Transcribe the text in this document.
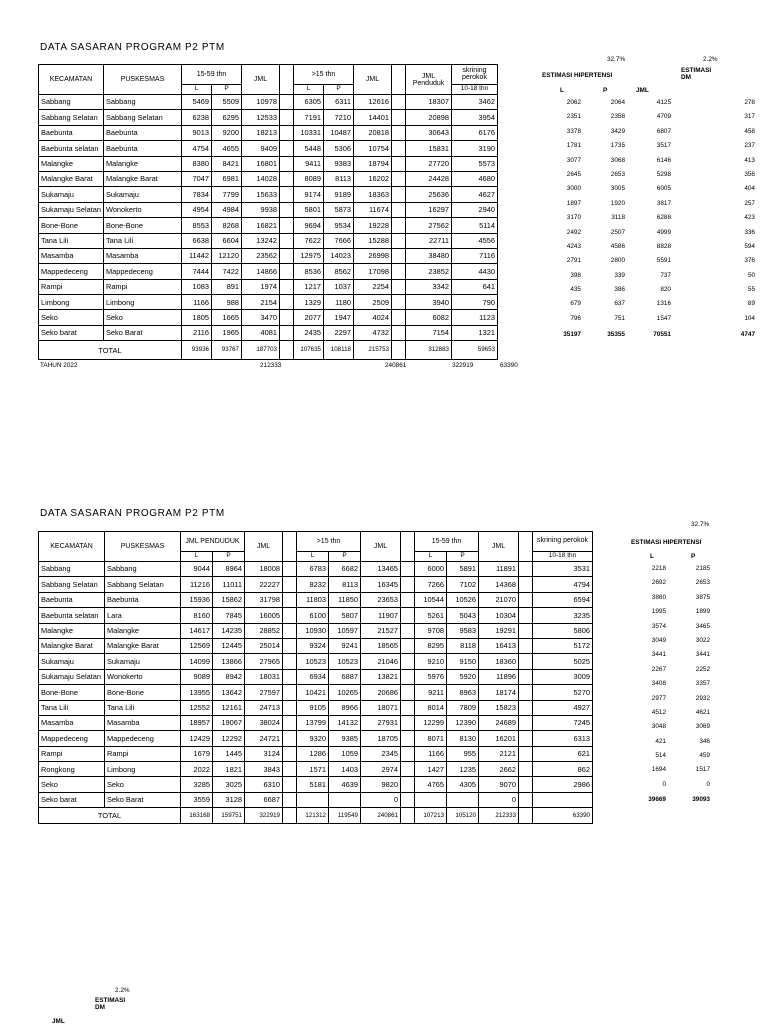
DATA SASARAN PROGRAM P2 PTM
KECAMATAN	PUSKESMAS	15-59 thn		JML		>15 thn		JML		JML Penduduk	skrining perokok
		L	P			L	P				10-18 thn
Sabbang	Sabbang	5469	5509	10978		6305	6311	12616		18307	3462
Sabbang Selatan	Sabbang Selatan	6238	6295	12533		7191	7210	14401		20898	3954
Baebunta	Baebunta	9013	9200	18213		10331	10487	20818		30643	6176
Baebunta selatan	Baebunta	4754	4655	9409		5448	5306	10754		15831	3190
Malangke	Malangke	8380	8421	16801		9411	9383	18794		27720	5573
Malangke Barat	Malangke Barat	7047	6981	14028		8089	8113	16202		24428	4680
Sukamaju	Sukamaju	7834	7799	15633		9174	9189	18363		25636	4627
Sukamaju Selatan	Wonokerto	4954	4984	9938		5801	5873	11674		16297	2940
Bone-Bone	Bone-Bone	8553	8268	16821		9694	9534	19228		27562	5114
Tana Lili	Tana Lili	6638	6604	13242		7622	7666	15288		22711	4556
Masamba	Masamba	11442	12120	23562		12975	14023	26998		38480	7116
Mappedeceng	Mappedeceng	7444	7422	14866		8536	8562	17098		23852	4430
Rampi	Rampi	1083	891	1974		1217	1037	2254		3342	641
Limbong	Limbong	1166	988	2154		1329	1180	2509		3940	790
Seko	Seko	1805	1665	3470		2077	1947	4024		6082	1123
Seko barat	Seko Barat	2116	1965	4081		2435	2297	4732		7154	1321
TOTAL		93936	93767	187703		107635	108118	215753		312883	59653
32.7%	2.2%
ESTIMASI HIPERTENSI
ESTIMASI DM
L	P	JML
2062	2064	4125	278
2351	2358	4709	317
3378	3429	6807	458
1781	1735	3517	237
3077	3068	6146	413
2645	2653	5298	356
3000	3005	6005	404
1897	1920	3817	257
3170	3118	6288	423
2492	2507	4999	336
4243	4586	8828	594
2791	2800	5591	376
398	339	737	50
435	386	820	55
679	637	1316	89
796	751	1547	104
35197	35355	70551	4747
TAHUN 2022	212333	240861	322919	63390
DATA SASARAN PROGRAM P2 PTM
32.7%
KECAMATAN	PUSKESMAS	JML PENDUDUK		JML		>15 thn		JML		15-59 thn		JML		skrining perokok
		L	P			L	P			L	P			10-18 thn
Sabbang	Sabbang	9044	8964	18008		6783	6682	13465		6000	5891	11891		3531
Sabbang Selatan	Sabbang Selatan	11216	11011	22227		8232	8113	16345		7266	7102	14368		4794
Baebunta	Baebunta	15936	15862	31798		11803	11850	23653		10544	10526	21070		6594
Baebunta selatan	Lara	8160	7845	16005		6100	5807	11907		5261	5043	10304		3235
Malangke	Malangke	14617	14235	28852		10930	10597	21527		9708	9583	19291		5806
Malangke Barat	Malangke Barat	12569	12445	25014		9324	9241	18565		8295	8118	16413		5172
Sukamaju	Sukamaju	14099	13866	27965		10523	10523	21046		9210	9150	18360		5025
Sukamaju Selatan	Wonokerto	9089	8942	18031		6934	6887	13821		5976	5920	11896		3009
Bone-Bone	Bone-Bone	13955	13642	27597		10421	10265	20686		9211	8963	18174		5270
Tana Lili	Tana Lili	12552	12161	24713		9105	8966	18071		8014	7809	15823		4927
Masamba	Masamba	18957	19067	38024		13799	14132	27931		12299	12390	24689		7245
Mappedeceng	Mappedeceng	12429	12292	24721		9320	9385	18705		8071	8130	16201		6313
Rampi	Rampi	1679	1445	3124		1286	1059	2345		1166	955	2121		621
Rongkong	Limbong	2022	1821	3843		1571	1403	2974		1427	1235	2662		862
Seko	Seko	3285	3025	6310		5181	4639	9820		4765	4305	9070		2986
Seko barat	Seko Barat	3559	3128	6687				0				0		
TOTAL		163168	159751	322919		121312	119549	240861		107213	105120	212333		63390
ESTIMASI HIPERTENSI
L	P
2218	2185
2692	2653
3860	3875
1995	1899
3574	3465
3049	3022
3441	3441
2267	2252
3408	3357
2977	2932
4512	4621
3048	3069
421	346
514	459
1694	1517
0	0
39669	39093
2.2%
ESTIMASI DM
JML
